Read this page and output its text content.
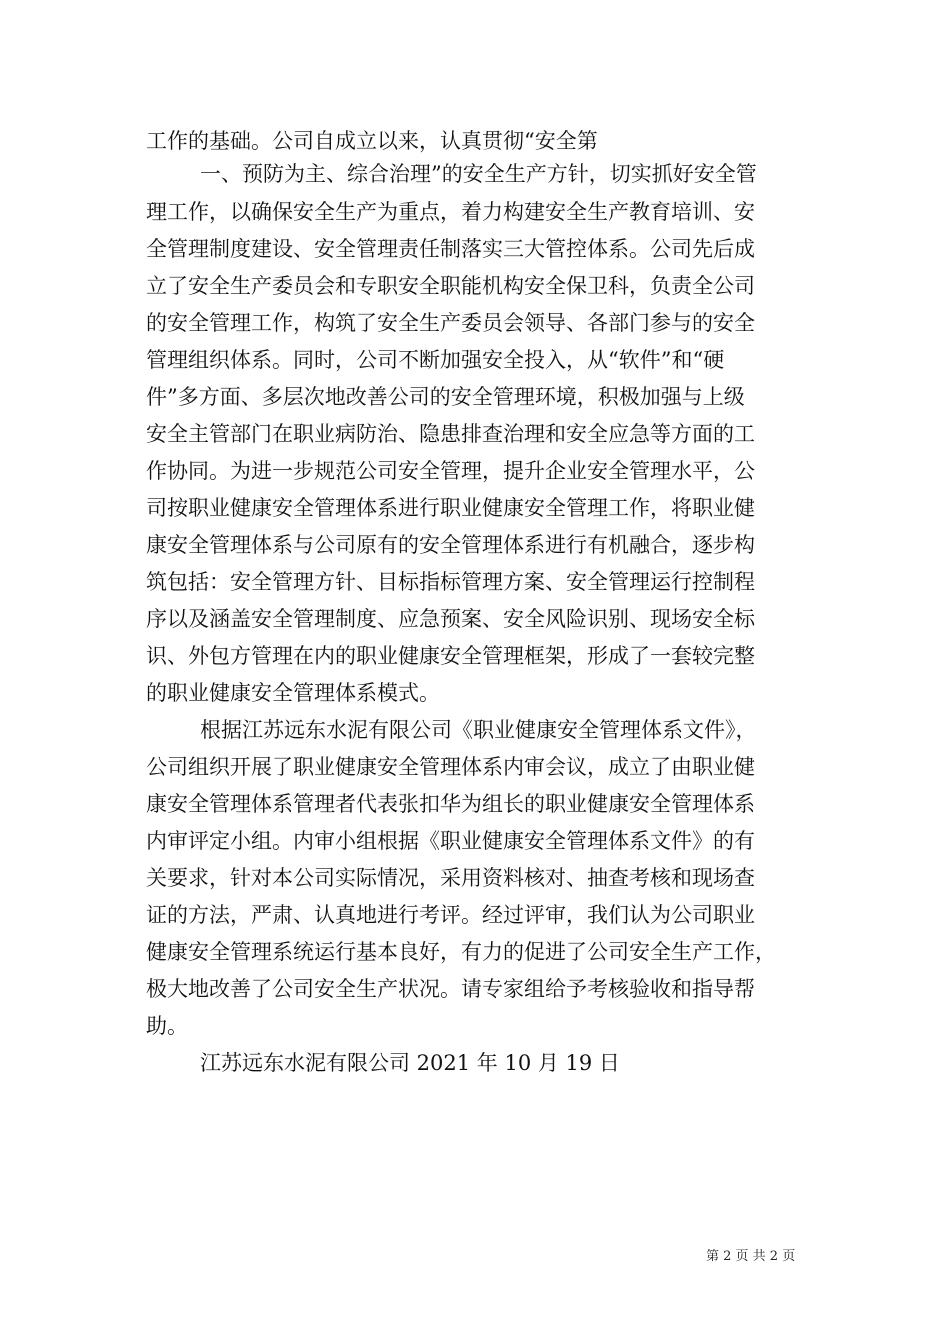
工作的基础。公司自成立以来，认真贯彻“安全第
一、预防为主、综合治理”的安全生产方针，切实抓好安全管
理工作，以确保安全生产为重点，着力构建安全生产教育培训、安
全管理制度建设、安全管理责任制落实三大管控体系。公司先后成
立了安全生产委员会和专职安全职能机构安全保卫科，负责全公司
的安全管理工作，构筑了安全生产委员会领导、各部门参与的安全
管理组织体系。同时，公司不断加强安全投入，从“软件”和“硬
件”多方面、多层次地改善公司的安全管理环境，积极加强与上级
安全主管部门在职业病防治、隐患排查治理和安全应急等方面的工
作协同。为进一步规范公司安全管理，提升企业安全管理水平，公
司按职业健康安全管理体系进行职业健康安全管理工作，将职业健
康安全管理体系与公司原有的安全管理体系进行有机融合，逐步构
筑包括：安全管理方针、目标指标管理方案、安全管理运行控制程
序以及涵盖安全管理制度、应急预案、安全风险识别、现场安全标
识、外包方管理在内的职业健康安全管理框架，形成了一套较完整
的职业健康安全管理体系模式。
根据江苏远东水泥有限公司《职业健康安全管理体系文件》，
公司组织开展了职业健康安全管理体系内审会议，成立了由职业健
康安全管理体系管理者代表张扣华为组长的职业健康安全管理体系
内审评定小组。内审小组根据《职业健康安全管理体系文件》的有
关要求，针对本公司实际情况，采用资料核对、抽查考核和现场查
证的方法，严肃、认真地进行考评。经过评审，我们认为公司职业
健康安全管理系统运行基本良好，有力的促进了公司安全生产工作，
极大地改善了公司安全生产状况。请专家组给予考核验收和指导帮
助。
江苏远东水泥有限公司 2021 年 10 月 19 日
第 2 页 共 2 页
